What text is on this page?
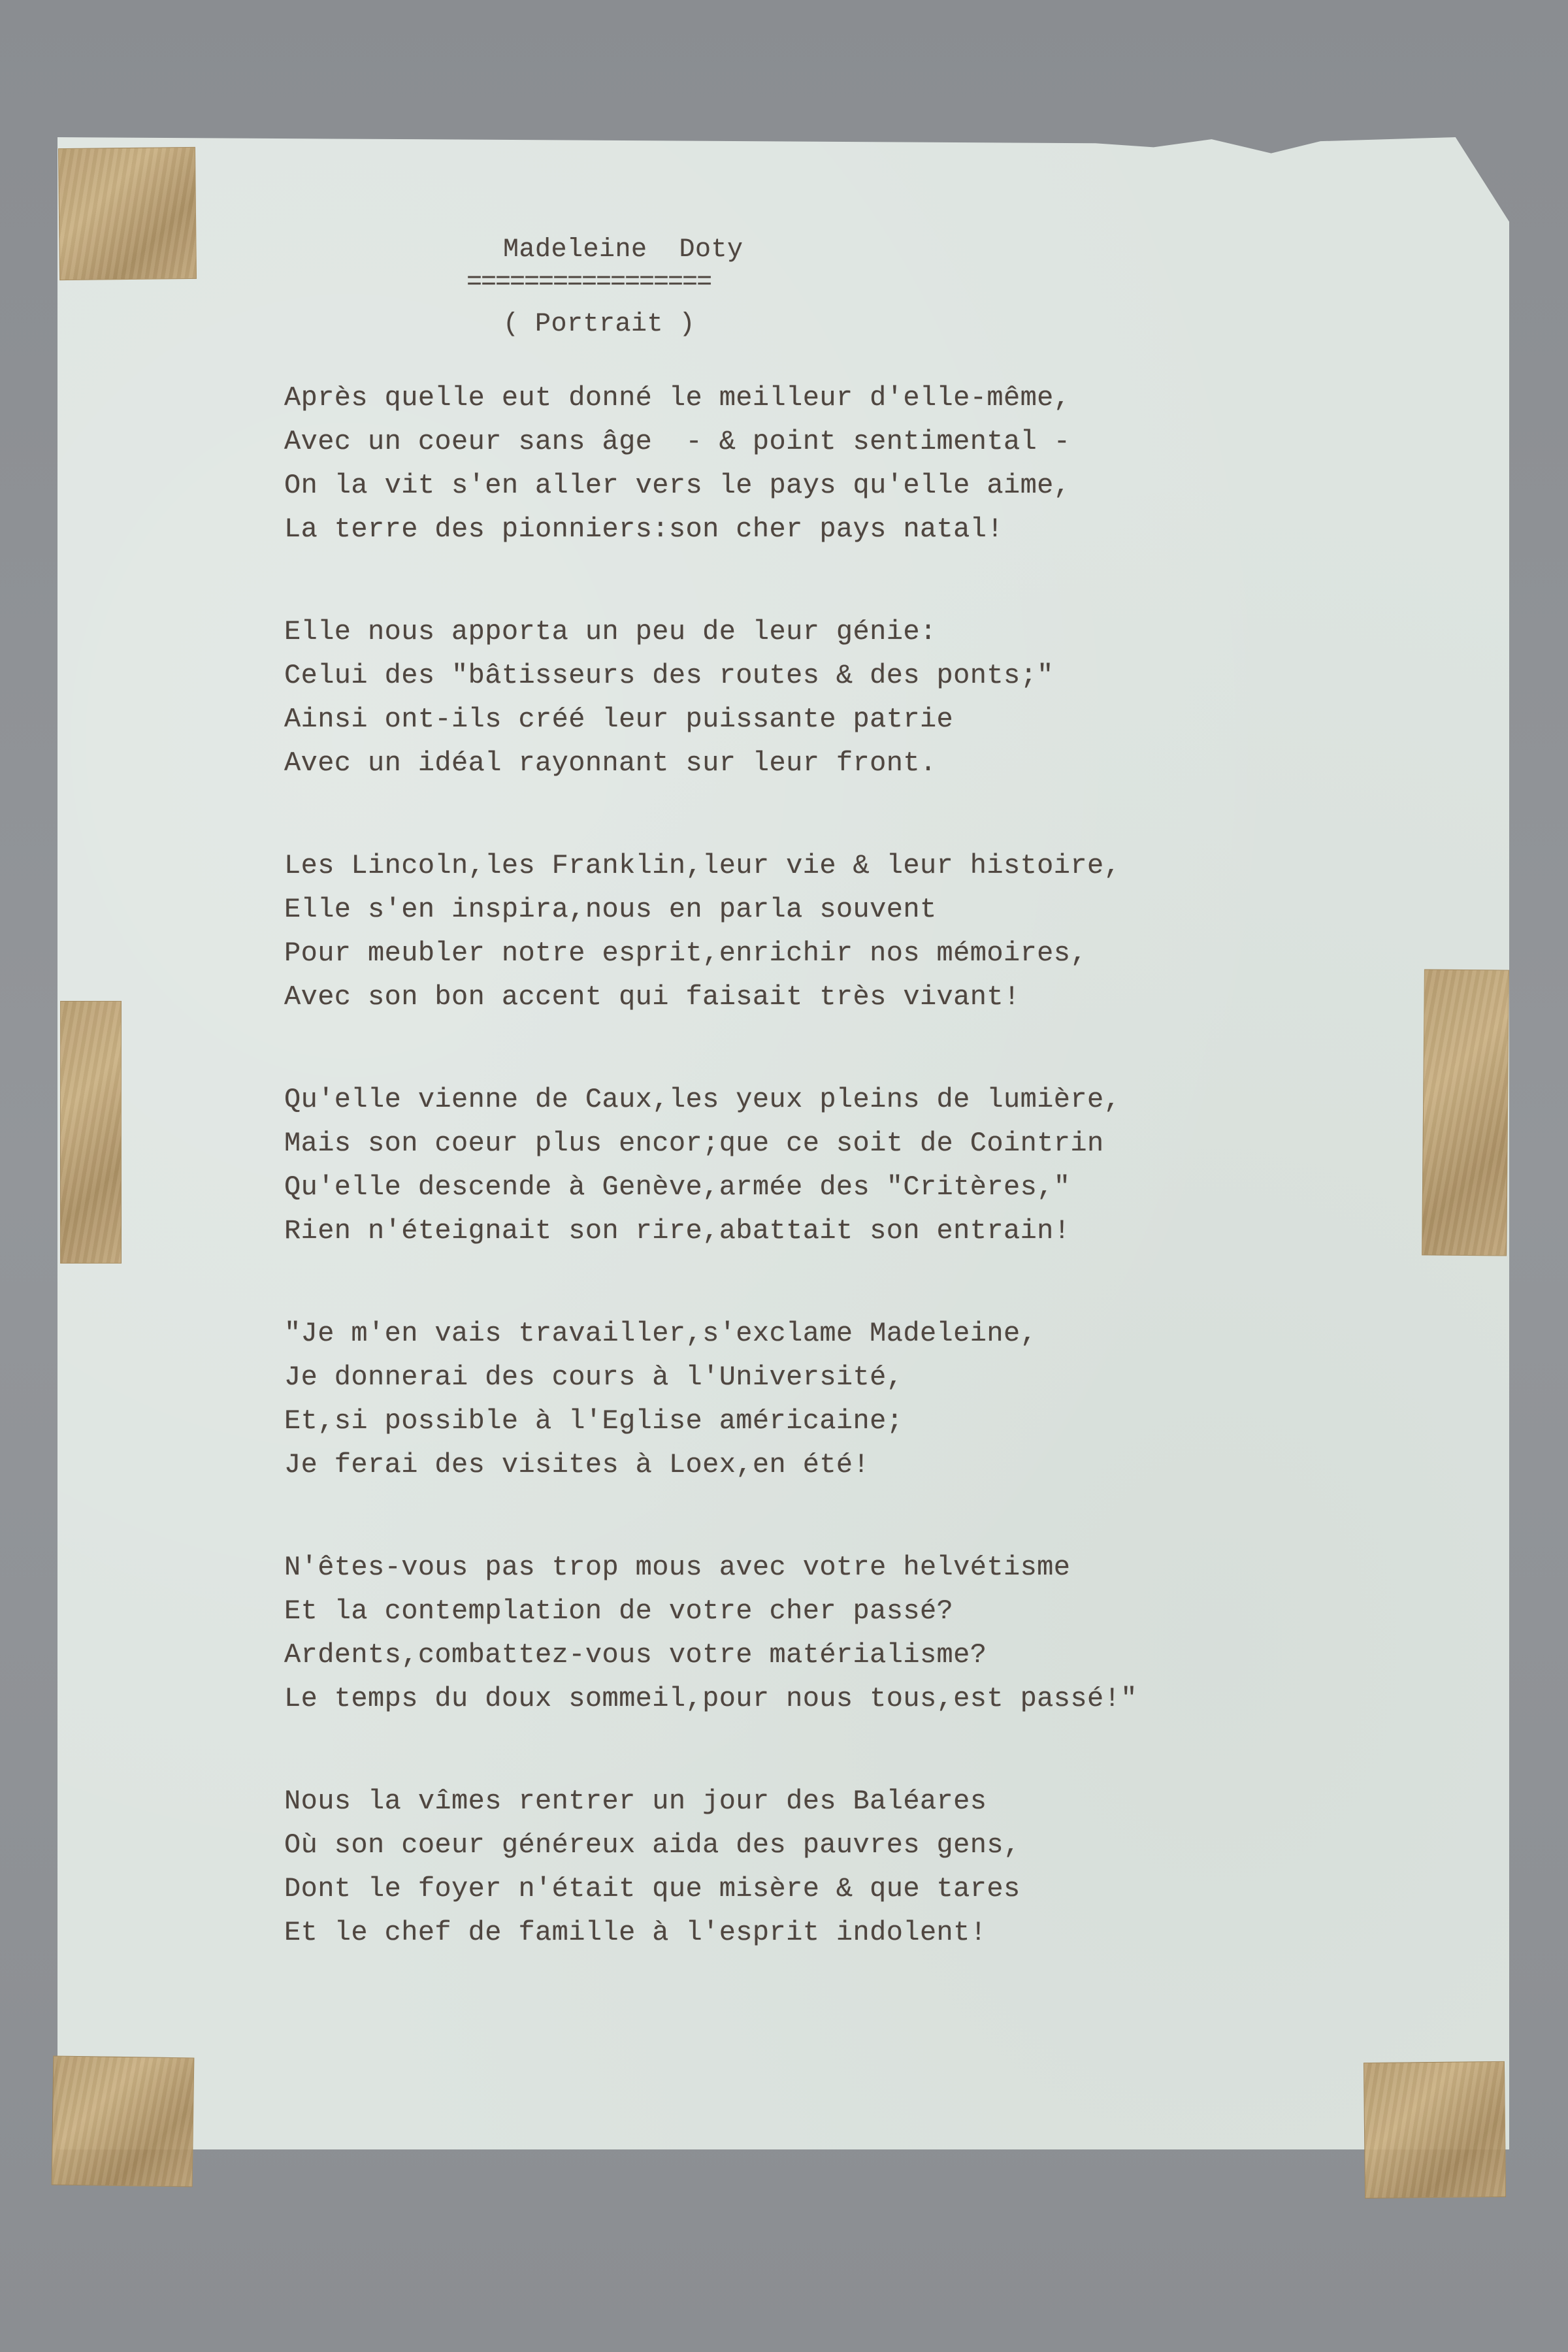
Madeleine  Doty
=================
( Portrait )
Après quelle eut donné le meilleur d'elle-même,
Avec un coeur sans âge  - & point sentimental -
On la vit s'en aller vers le pays qu'elle aime,
La terre des pionniers:son cher pays natal!
Elle nous apporta un peu de leur génie:
Celui des "bâtisseurs des routes & des ponts;"
Ainsi ont-ils créé leur puissante patrie
Avec un idéal rayonnant sur leur front.
Les Lincoln,les Franklin,leur vie & leur histoire,
Elle s'en inspira,nous en parla souvent
Pour meubler notre esprit,enrichir nos mémoires,
Avec son bon accent qui faisait très vivant!
Qu'elle vienne de Caux,les yeux pleins de lumière,
Mais son coeur plus encor;que ce soit de Cointrin
Qu'elle descende à Genève,armée des "Critères,"
Rien n'éteignait son rire,abattait son entrain!
"Je m'en vais travailler,s'exclame Madeleine,
Je donnerai des cours à l'Université,
Et,si possible à l'Eglise américaine;
Je ferai des visites à Loex,en été!
N'êtes-vous pas trop mous avec votre helvétisme
Et la contemplation de votre cher passé?
Ardents,combattez-vous votre matérialisme?
Le temps du doux sommeil,pour nous tous,est passé!"
Nous la vîmes rentrer un jour des Baléares
Où son coeur généreux aida des pauvres gens,
Dont le foyer n'était que misère & que tares
Et le chef de famille à l'esprit indolent!
